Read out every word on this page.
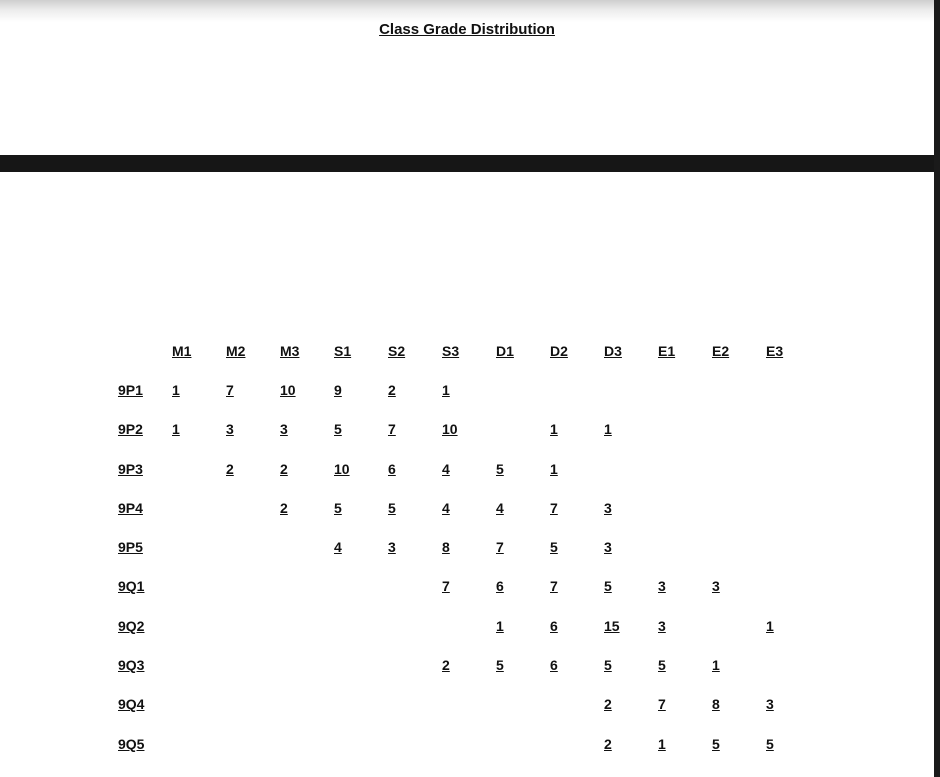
Class Grade Distribution
	M1	M2	M3	S1	S2	S3	D1	D2	D3	E1	E2	E3
9P1	1	7	10	9	2	1						
9P2	1	3	3	5	7	10		1	1			
9P3		2	2	10	6	4	5	1				
9P4			2	5	5	4	4	7	3			
9P5				4	3	8	7	5	3			
9Q1						7	6	7	5	3	3	
9Q2							1	6	15	3		1
9Q3						2	5	6	5	5	1	
9Q4									2	7	8	3
9Q5									2	1	5	5
